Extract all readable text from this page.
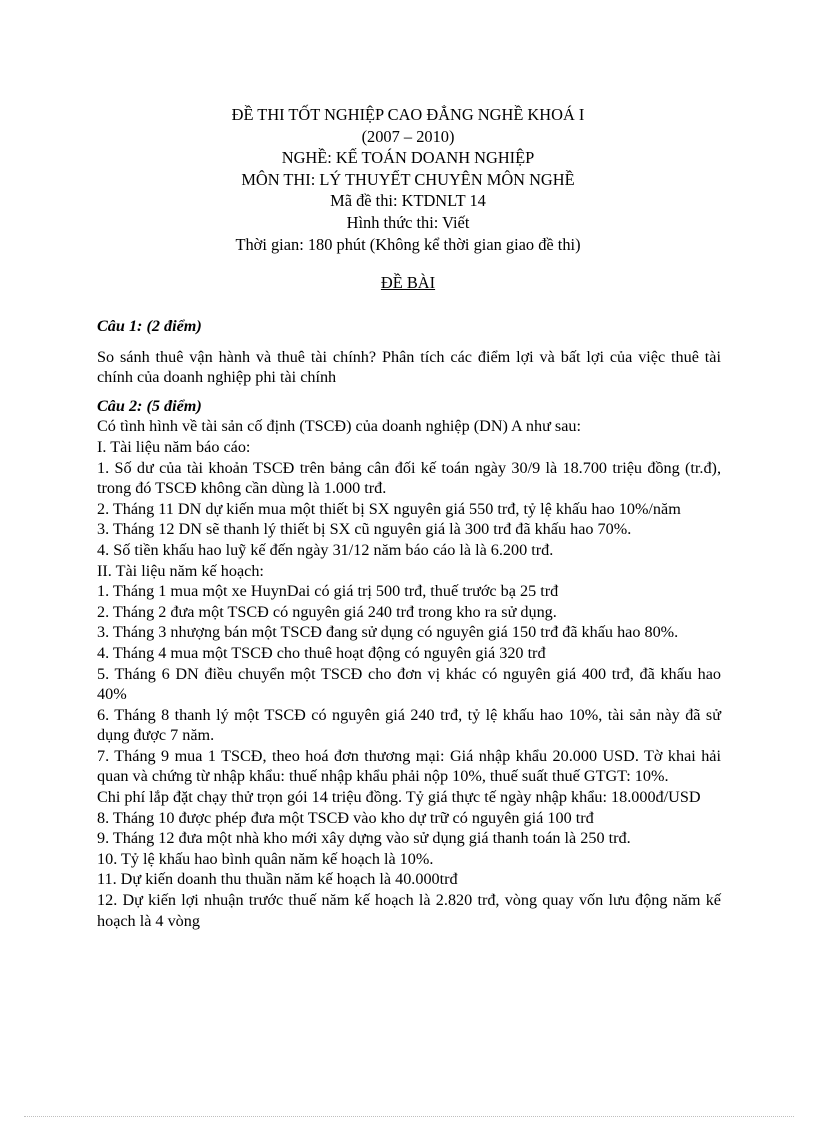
ĐỀ THI TỐT NGHIỆP CAO ĐẲNG NGHỀ KHOÁ I
(2007 – 2010)
NGHỀ: KẾ TOÁN DOANH NGHIỆP
MÔN THI: LÝ THUYẾT CHUYÊN MÔN NGHỀ
Mã đề thi: KTDNLT 14
Hình thức thi: Viết
Thời gian: 180 phút (Không kể thời gian giao đề thi)
ĐỀ BÀI

Câu 1: (2 điểm)

So sánh thuê vận hành và thuê tài chính? Phân tích các điểm lợi và bất lợi của việc thuê tài chính của doanh nghiệp phi tài chính

Câu 2: (5 điểm)

Có tình hình về tài sản cố định (TSCĐ) của doanh nghiệp (DN) A như sau:

I. Tài liệu năm báo cáo:

1. Số dư của tài khoản TSCĐ trên bảng cân đối kế toán ngày 30/9 là 18.700 triệu đồng (tr.đ), trong đó TSCĐ không cần dùng là 1.000 trđ.

2. Tháng 11 DN dự kiến mua một thiết bị SX nguyên giá 550 trđ, tỷ lệ khấu hao 10%/năm

3. Tháng 12 DN sẽ thanh lý thiết bị SX cũ nguyên giá là 300 trđ đã khấu hao 70%.

4. Số tiền khấu hao luỹ kế đến ngày 31/12 năm báo cáo là là 6.200 trđ.

II. Tài liệu năm kế hoạch:

1. Tháng 1 mua một xe HuynDai có giá trị 500 trđ, thuế trước bạ 25 trđ

2. Tháng 2 đưa một TSCĐ có nguyên giá 240 trđ trong kho ra sử dụng.

3. Tháng 3 nhượng bán một TSCĐ đang sử dụng có nguyên giá 150 trđ đã khấu hao 80%.

4. Tháng 4 mua một TSCĐ cho thuê hoạt động có nguyên giá 320 trđ

5. Tháng 6 DN điều chuyển một TSCĐ cho đơn vị khác có nguyên giá 400 trđ, đã khấu hao 40%

6. Tháng 8 thanh lý một TSCĐ có nguyên giá 240 trđ, tỷ lệ khấu hao 10%, tài sản này đã sử dụng được 7 năm.

7. Tháng 9 mua 1 TSCĐ, theo hoá đơn thương mại: Giá nhập khẩu 20.000 USD. Tờ khai hải quan và chứng từ nhập khẩu: thuế nhập khẩu phải nộp 10%, thuế suất thuế GTGT: 10%.

Chi phí lắp đặt chạy thử trọn gói 14 triệu đồng. Tỷ giá thực tế ngày nhập khẩu: 18.000đ/USD

8. Tháng 10 được phép đưa một TSCĐ vào kho dự trữ có nguyên giá 100 trđ

9. Tháng 12 đưa một nhà kho mới xây dựng vào sử dụng giá thanh toán là 250 trđ.

10. Tỷ lệ khấu hao bình quân năm kế hoạch là 10%.

11. Dự kiến doanh thu thuần năm kế hoạch là 40.000trđ

12. Dự kiến lợi nhuận trước thuế năm kế hoạch là 2.820 trđ, vòng quay vốn lưu động năm kế hoạch là 4 vòng
